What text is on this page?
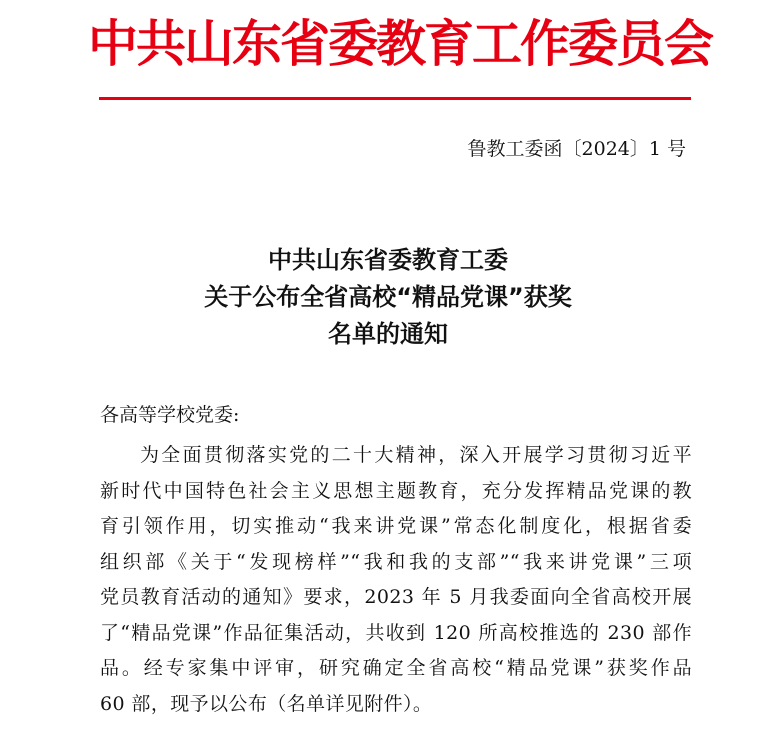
中共山东省委教育工作委员会
鲁教工委函〔2024〕1 号
中共山东省委教育工委
关于公布全省高校“精品党课”获奖
名单的通知
各高等学校党委:
为全面贯彻落实党的二十大精神，深入开展学习贯彻习近平
新时代中国特色社会主义思想主题教育，充分发挥精品党课的教
育引领作用，切实推动“我来讲党课”常态化制度化，根据省委
组织部《关于“发现榜样”“我和我的支部”“我来讲党课”三项
党员教育活动的通知》要求，2023 年 5 月我委面向全省高校开展
了“精品党课”作品征集活动，共收到 120 所高校推选的 230 部作
品。经专家集中评审，研究确定全省高校“精品党课”获奖作品
60 部，现予以公布（名单详见附件）。
